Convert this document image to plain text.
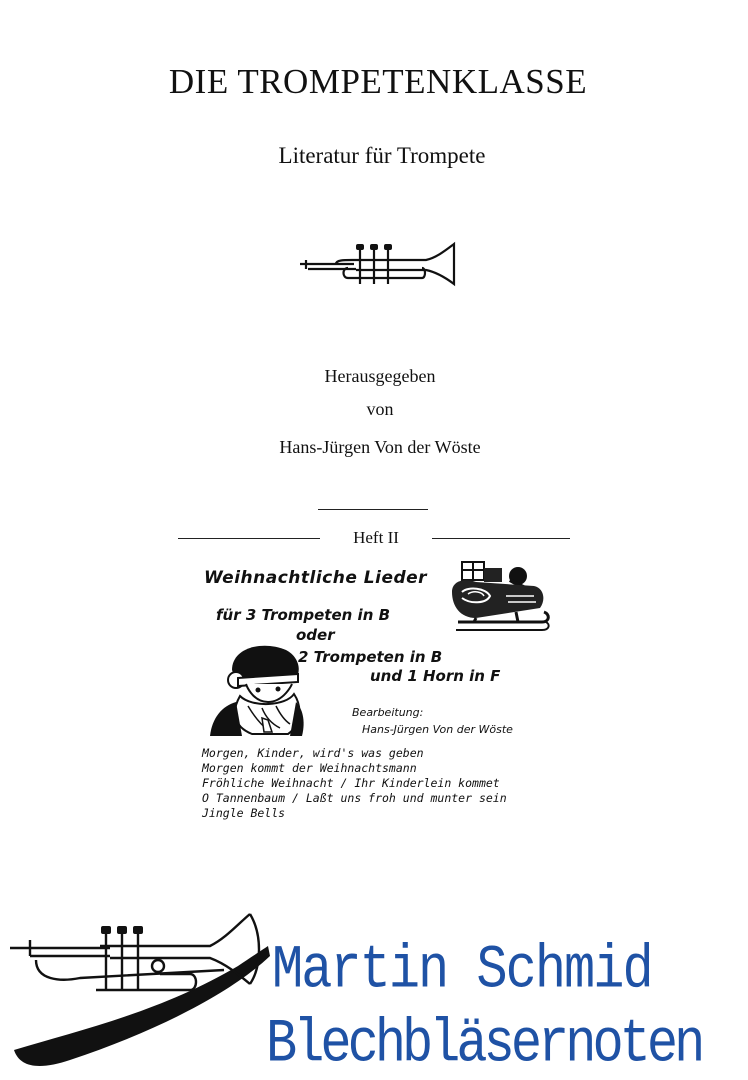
DIE TROMPETENKLASSE
Literatur für Trompete
Herausgegeben
von
Hans-Jürgen Von der Wöste
Heft II
Weihnachtliche Lieder
für 3 Trompeten in B
oder
2 Trompeten in B
und 1 Horn in F
Bearbeitung:
Hans-Jürgen Von der Wöste
Morgen, Kinder, wird's was geben
Morgen kommt der Weihnachtsmann
Fröhliche Weihnacht / Ihr Kinderlein kommet
O Tannenbaum / Laßt uns froh und munter sein
Jingle Bells
Martin Schmid
Blechbläsernoten
